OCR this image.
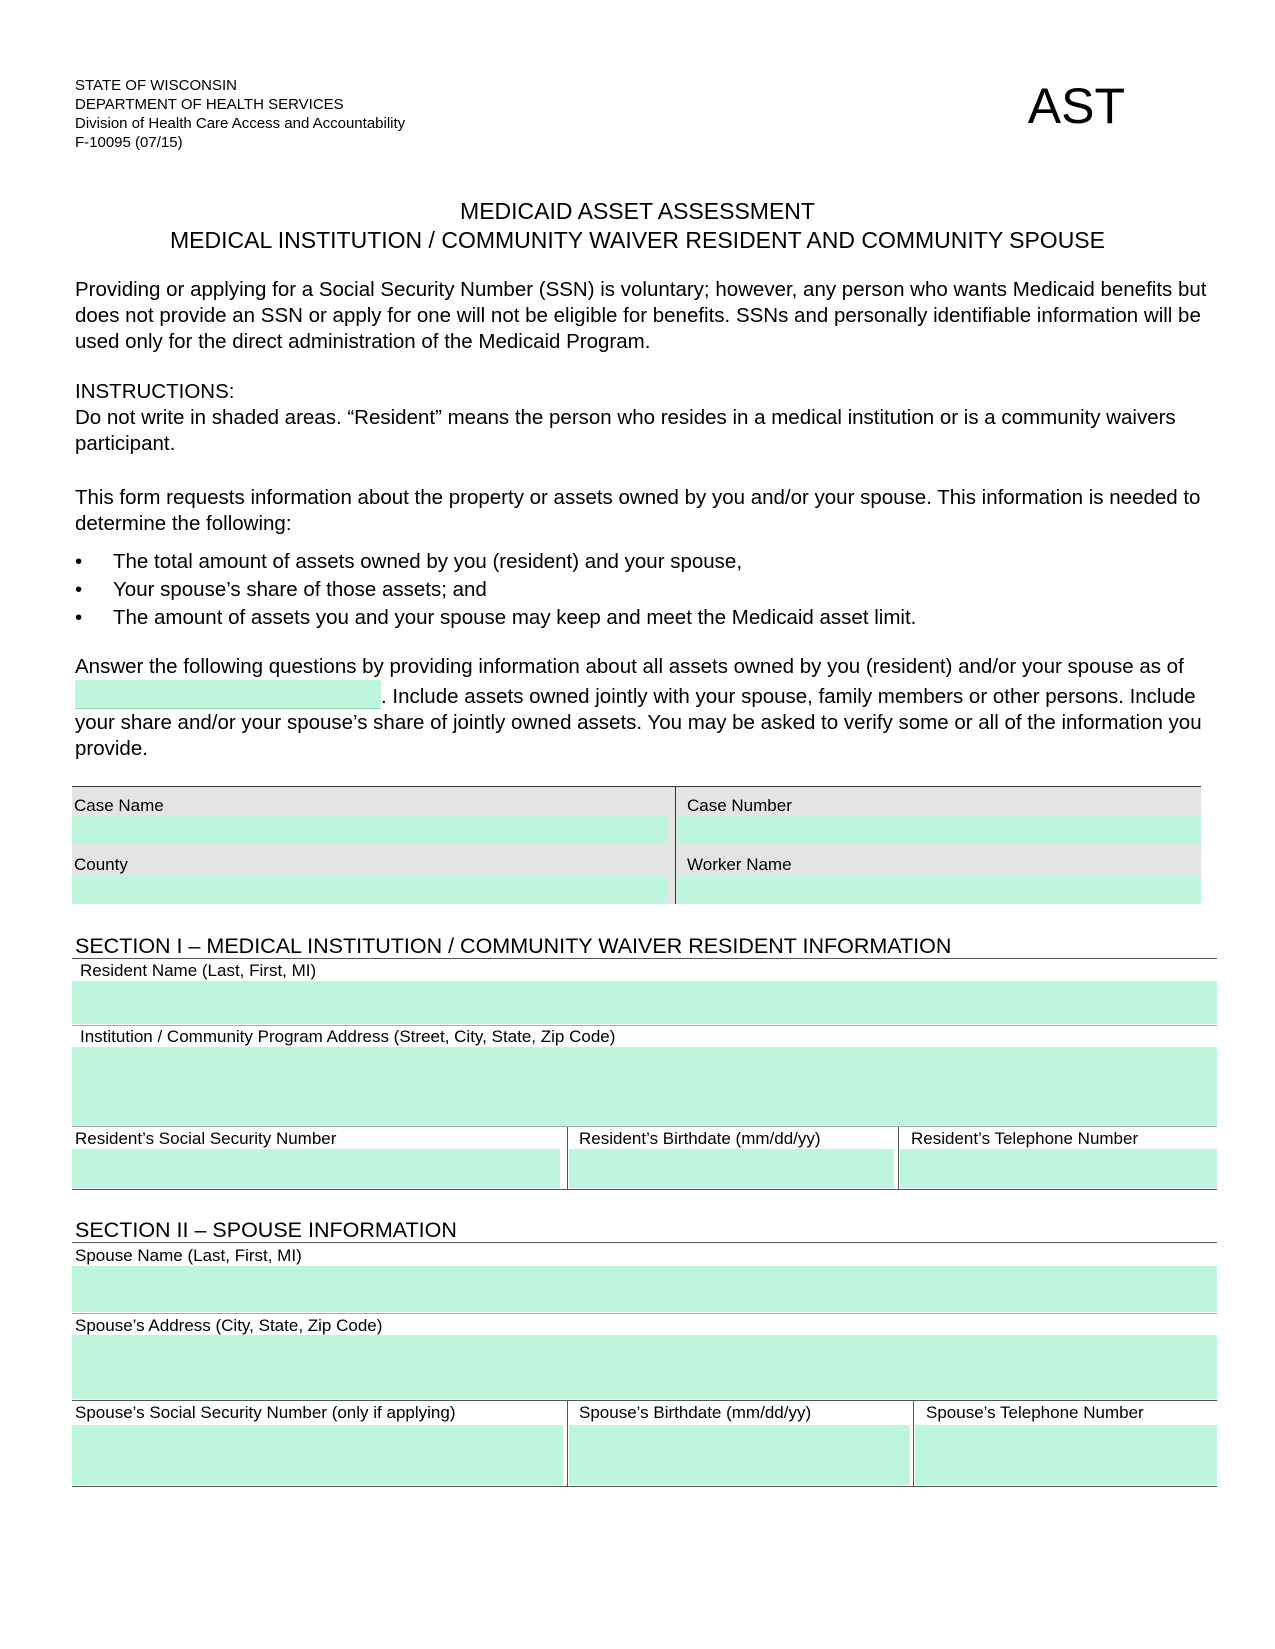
STATE OF WISCONSIN
DEPARTMENT OF HEALTH SERVICES
Division of Health Care Access and Accountability
F-10095 (07/15)
AST
MEDICAID ASSET ASSESSMENT
MEDICAL INSTITUTION / COMMUNITY WAIVER RESIDENT AND COMMUNITY SPOUSE
Providing or applying for a Social Security Number (SSN) is voluntary; however, any person who wants Medicaid benefits but does not provide an SSN or apply for one will not be eligible for benefits. SSNs and personally identifiable information will be used only for the direct administration of the Medicaid Program.
INSTRUCTIONS:
Do not write in shaded areas. “Resident” means the person who resides in a medical institution or is a community waivers participant.
This form requests information about the property or assets owned by you and/or your spouse. This information is needed to determine the following:
• The total amount of assets owned by you (resident) and your spouse,
• Your spouse’s share of those assets; and
• The amount of assets you and your spouse may keep and meet the Medicaid asset limit.
Answer the following questions by providing information about all assets owned by you (resident) and/or your spouse as of . Include assets owned jointly with your spouse, family members or other persons. Include your share and/or your spouse’s share of jointly owned assets. You may be asked to verify some or all of the information you provide.
Case Name	Case Number
County	Worker Name
SECTION I – MEDICAL INSTITUTION / COMMUNITY WAIVER RESIDENT INFORMATION
Resident Name (Last, First, MI)
Institution / Community Program Address (Street, City, State, Zip Code)
Resident’s Social Security Number	Resident’s Birthdate (mm/dd/yy)	Resident’s Telephone Number
SECTION II – SPOUSE INFORMATION
Spouse Name (Last, First, MI)
Spouse’s Address (City, State, Zip Code)
Spouse’s Social Security Number (only if applying)	Spouse’s Birthdate (mm/dd/yy)	Spouse’s Telephone Number
